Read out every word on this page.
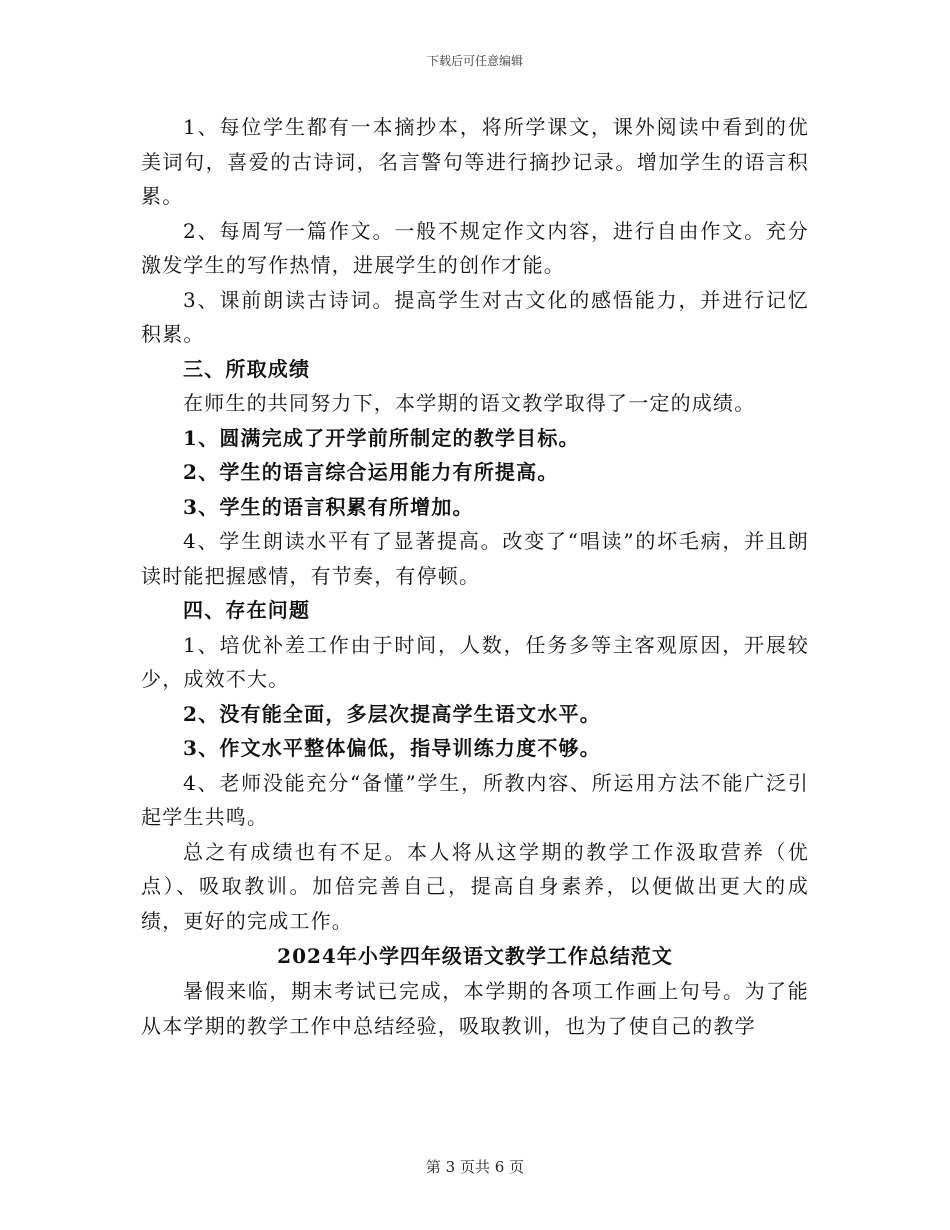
下载后可任意编辑

1、每位学生都有一本摘抄本，将所学课文，课外阅读中看到的优美词句，喜爱的古诗词，名言警句等进行摘抄记录。增加学生的语言积累。

2、每周写一篇作文。一般不规定作文内容，进行自由作文。充分激发学生的写作热情，进展学生的创作才能。

3、课前朗读古诗词。提高学生对古文化的感悟能力，并进行记忆积累。

三、所取成绩

在师生的共同努力下，本学期的语文教学取得了一定的成绩。

1、圆满完成了开学前所制定的教学目标。

2、学生的语言综合运用能力有所提高。

3、学生的语言积累有所增加。

4、学生朗读水平有了显著提高。改变了“唱读”的坏毛病，并且朗读时能把握感情，有节奏，有停顿。

四、存在问题

1、培优补差工作由于时间，人数，任务多等主客观原因，开展较少，成效不大。

2、没有能全面，多层次提高学生语文水平。

3、作文水平整体偏低，指导训练力度不够。

4、老师没能充分“备懂”学生，所教内容、所运用方法不能广泛引起学生共鸣。

总之有成绩也有不足。本人将从这学期的教学工作汲取营养（优点）、吸取教训。加倍完善自己，提高自身素养，以便做出更大的成绩，更好的完成工作。

2024年小学四年级语文教学工作总结范文

暑假来临，期末考试已完成，本学期的各项工作画上句号。为了能从本学期的教学工作中总结经验，吸取教训，也为了使自己的教学

第 3 页共 6 页
